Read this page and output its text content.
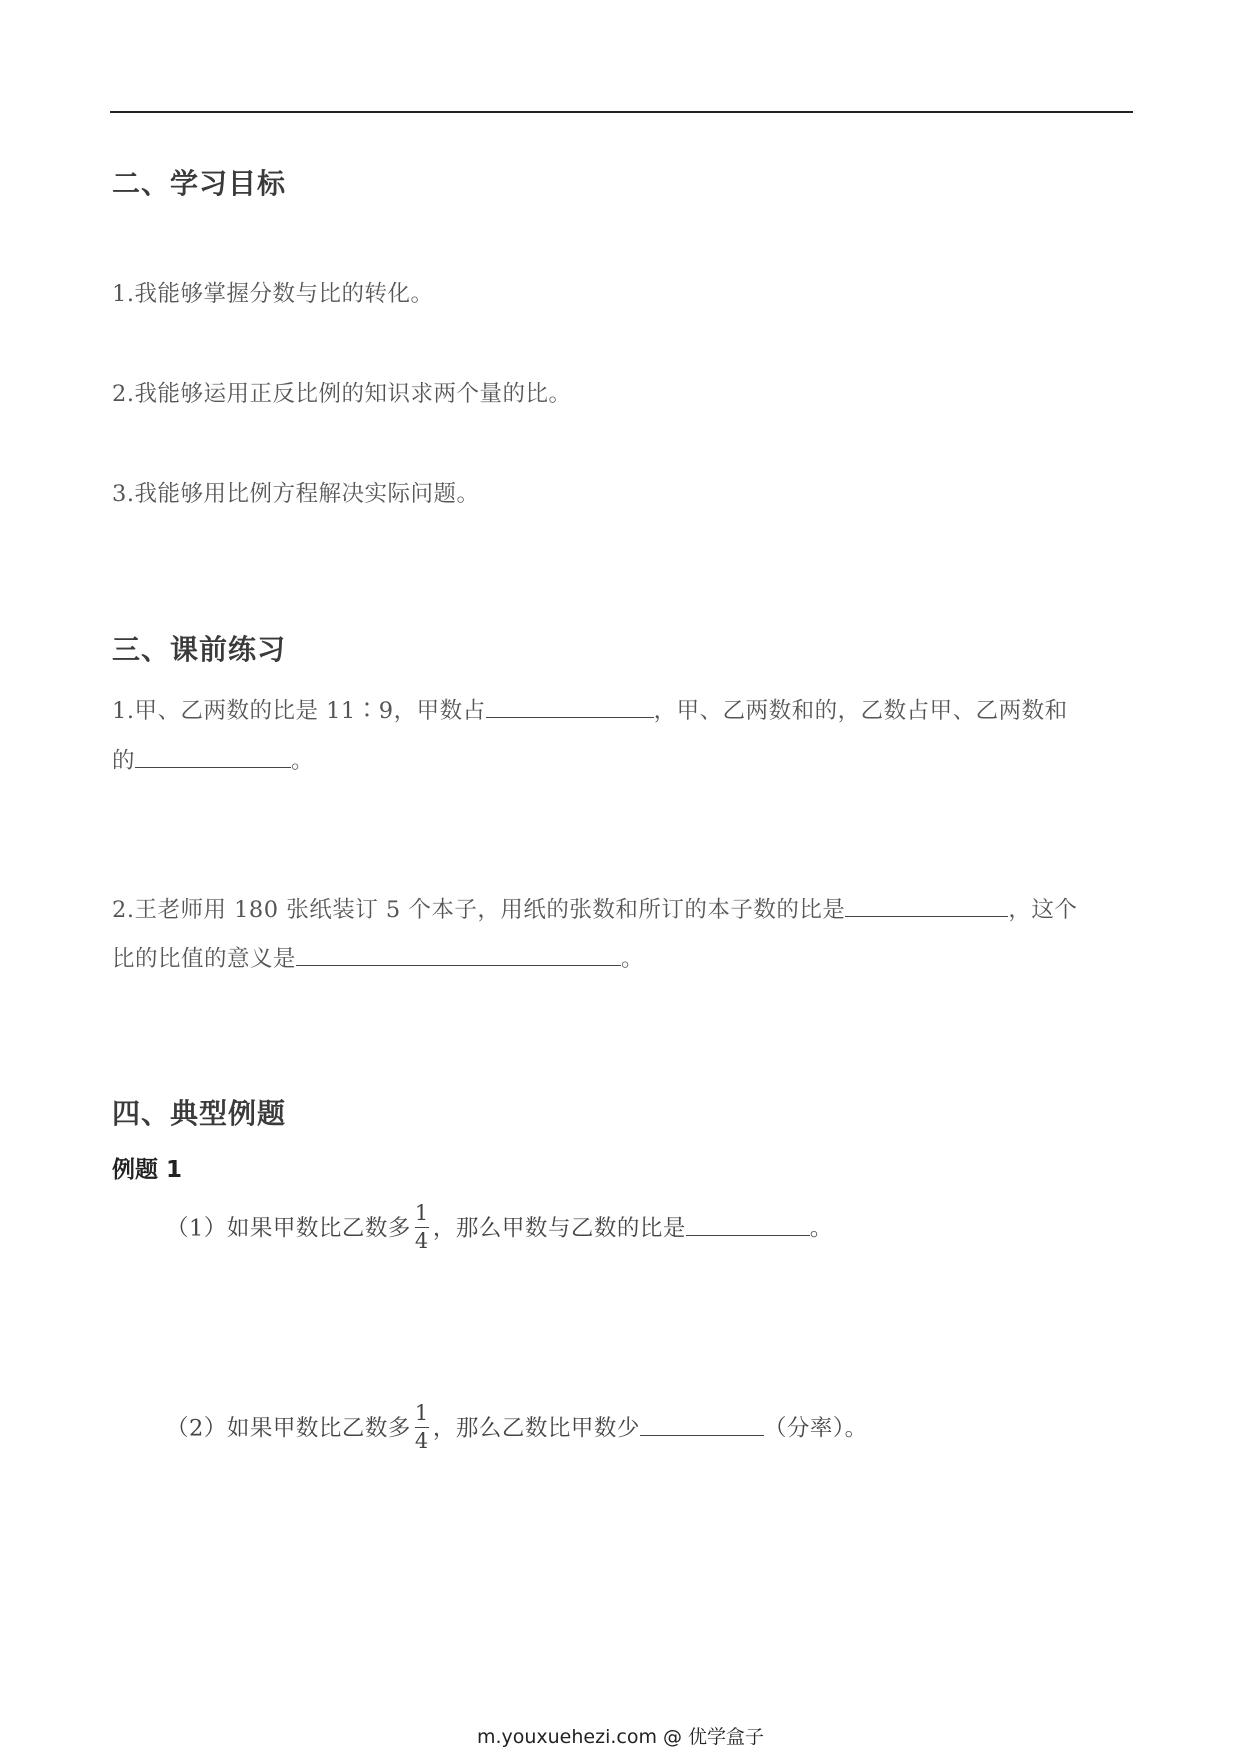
二、学习目标
1.我能够掌握分数与比的转化。
2.我能够运用正反比例的知识求两个量的比。
3.我能够用比例方程解决实际问题。
三、课前练习
1.甲、乙两数的比是 11∶9，甲数占	，甲、乙两数和的，乙数占甲、乙两数和
的	。
2.王老师用 180 张纸装订 5 个本子，用纸的张数和所订的本子数的比是	，这个
比的比值的意义是	。
四、典型例题
例题 1
（1）如果甲数比乙数多 $\frac{1}{4}$ ，那么甲数与乙数的比是	。
（2）如果甲数比乙数多 $\frac{1}{4}$ ，那么乙数比甲数少	（分率）。
m.youxuehezi.com @ 优学盒子
